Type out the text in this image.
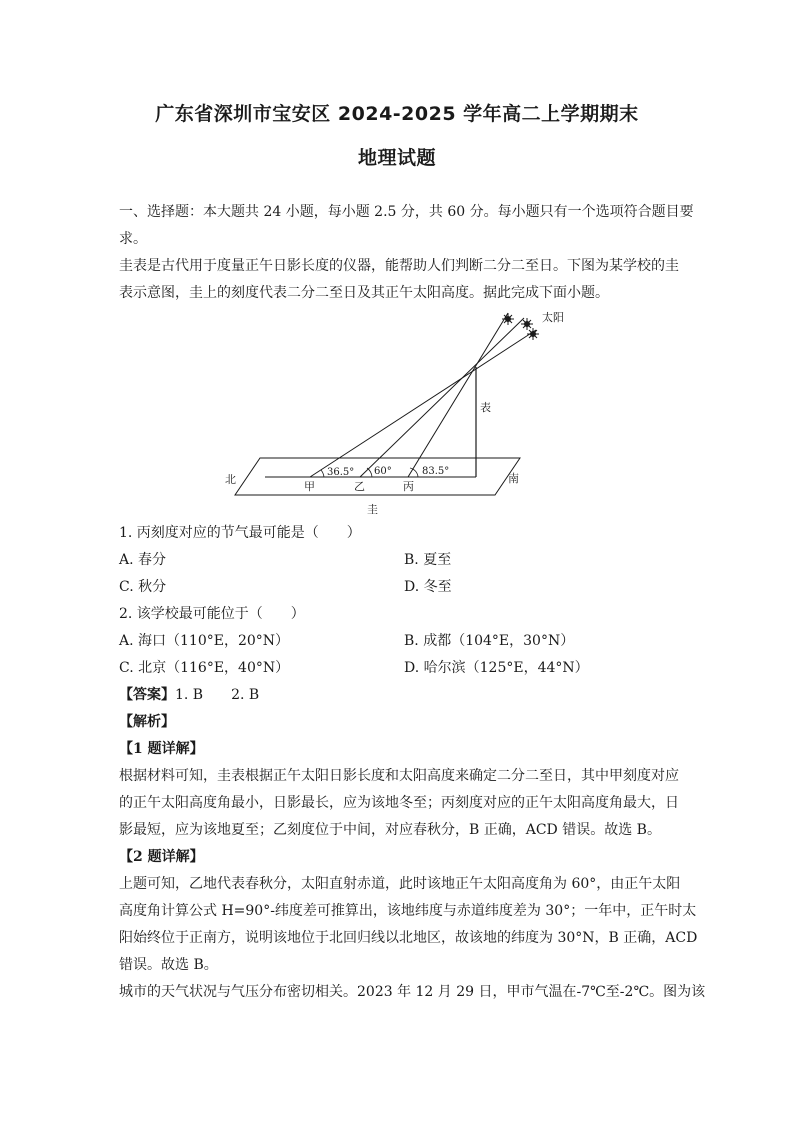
广东省深圳市宝安区 2024-2025 学年高二上学期期末
地理试题
一、选择题：本大题共 24 小题，每小题 2.5 分，共 60 分。每小题只有一个选项符合题目要
求。
圭表是古代用于度量正午日影长度的仪器，能帮助人们判断二分二至日。下图为某学校的圭
表示意图，圭上的刻度代表二分二至日及其正午太阳高度。据此完成下面小题。
太阳
表
北	南
圭
36.5° 60°	83.5°
甲	乙	丙
1. 丙刻度对应的节气最可能是（　　）
A. 春分	B. 夏至
C. 秋分	D. 冬至
2. 该学校最可能位于（　　）
A. 海口（110°E，20°N）	B. 成都（104°E，30°N）
C. 北京（116°E，40°N）	D. 哈尔滨（125°E，44°N）
【答案】1. B　　2. B
【解析】
【1 题详解】
根据材料可知，圭表根据正午太阳日影长度和太阳高度来确定二分二至日，其中甲刻度对应
的正午太阳高度角最小，日影最长，应为该地冬至；丙刻度对应的正午太阳高度角最大，日
影最短，应为该地夏至；乙刻度位于中间，对应春秋分，B 正确，ACD 错误。故选 B。
【2 题详解】
上题可知，乙地代表春秋分，太阳直射赤道，此时该地正午太阳高度角为 60°，由正午太阳
高度角计算公式 H=90°-纬度差可推算出，该地纬度与赤道纬度差为 30°；一年中，正午时太
阳始终位于正南方，说明该地位于北回归线以北地区，故该地的纬度为 30°N，B 正确，ACD
错误。故选 B。
城市的天气状况与气压分布密切相关。2023 年 12 月 29 日，甲市气温在-7℃至-2℃。图为该
